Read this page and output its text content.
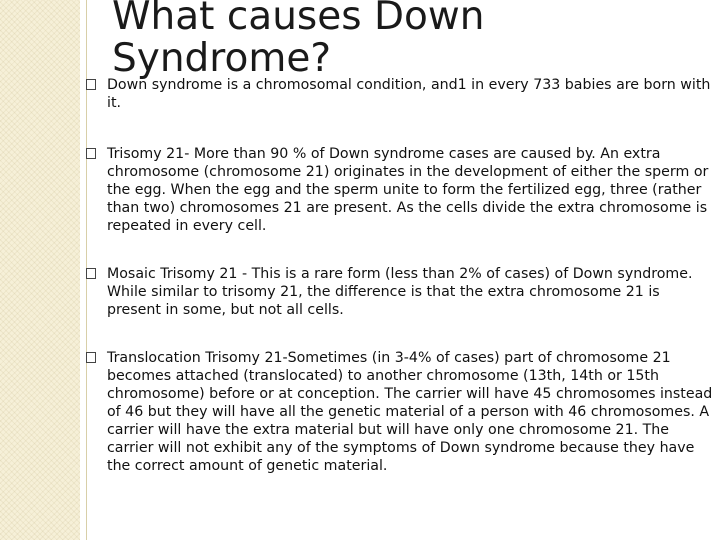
Down syndrome is a chromosomal condition, and1 in every 733 babies are born with it.
Trisomy 21- More than 90 % of Down syndrome cases are caused by. An extra chromosome (chromosome 21) originates in the development of either the sperm or the egg. When the egg and the sperm unite to form the fertilized egg, three (rather than two) chromosomes 21 are present. As the cells divide the extra chromosome is repeated in every cell.
Mosaic Trisomy 21 - This is a rare form (less than 2% of cases) of Down syndrome. While similar to trisomy 21, the difference is that the extra chromosome 21 is present in some, but not all cells.
Translocation Trisomy 21-Sometimes (in 3-4% of cases) part of chromosome 21 becomes attached (translocated) to another chromosome (13th, 14th or 15th chromosome) before or at conception. The carrier will have 45 chromosomes instead of 46 but they will have all the genetic material of a person with 46 chromosomes. A carrier will have the extra material but will have only one chromosome 21. The carrier will not exhibit any of the symptoms of Down syndrome because they have the correct amount of genetic material.
What causes Down Syndrome?
